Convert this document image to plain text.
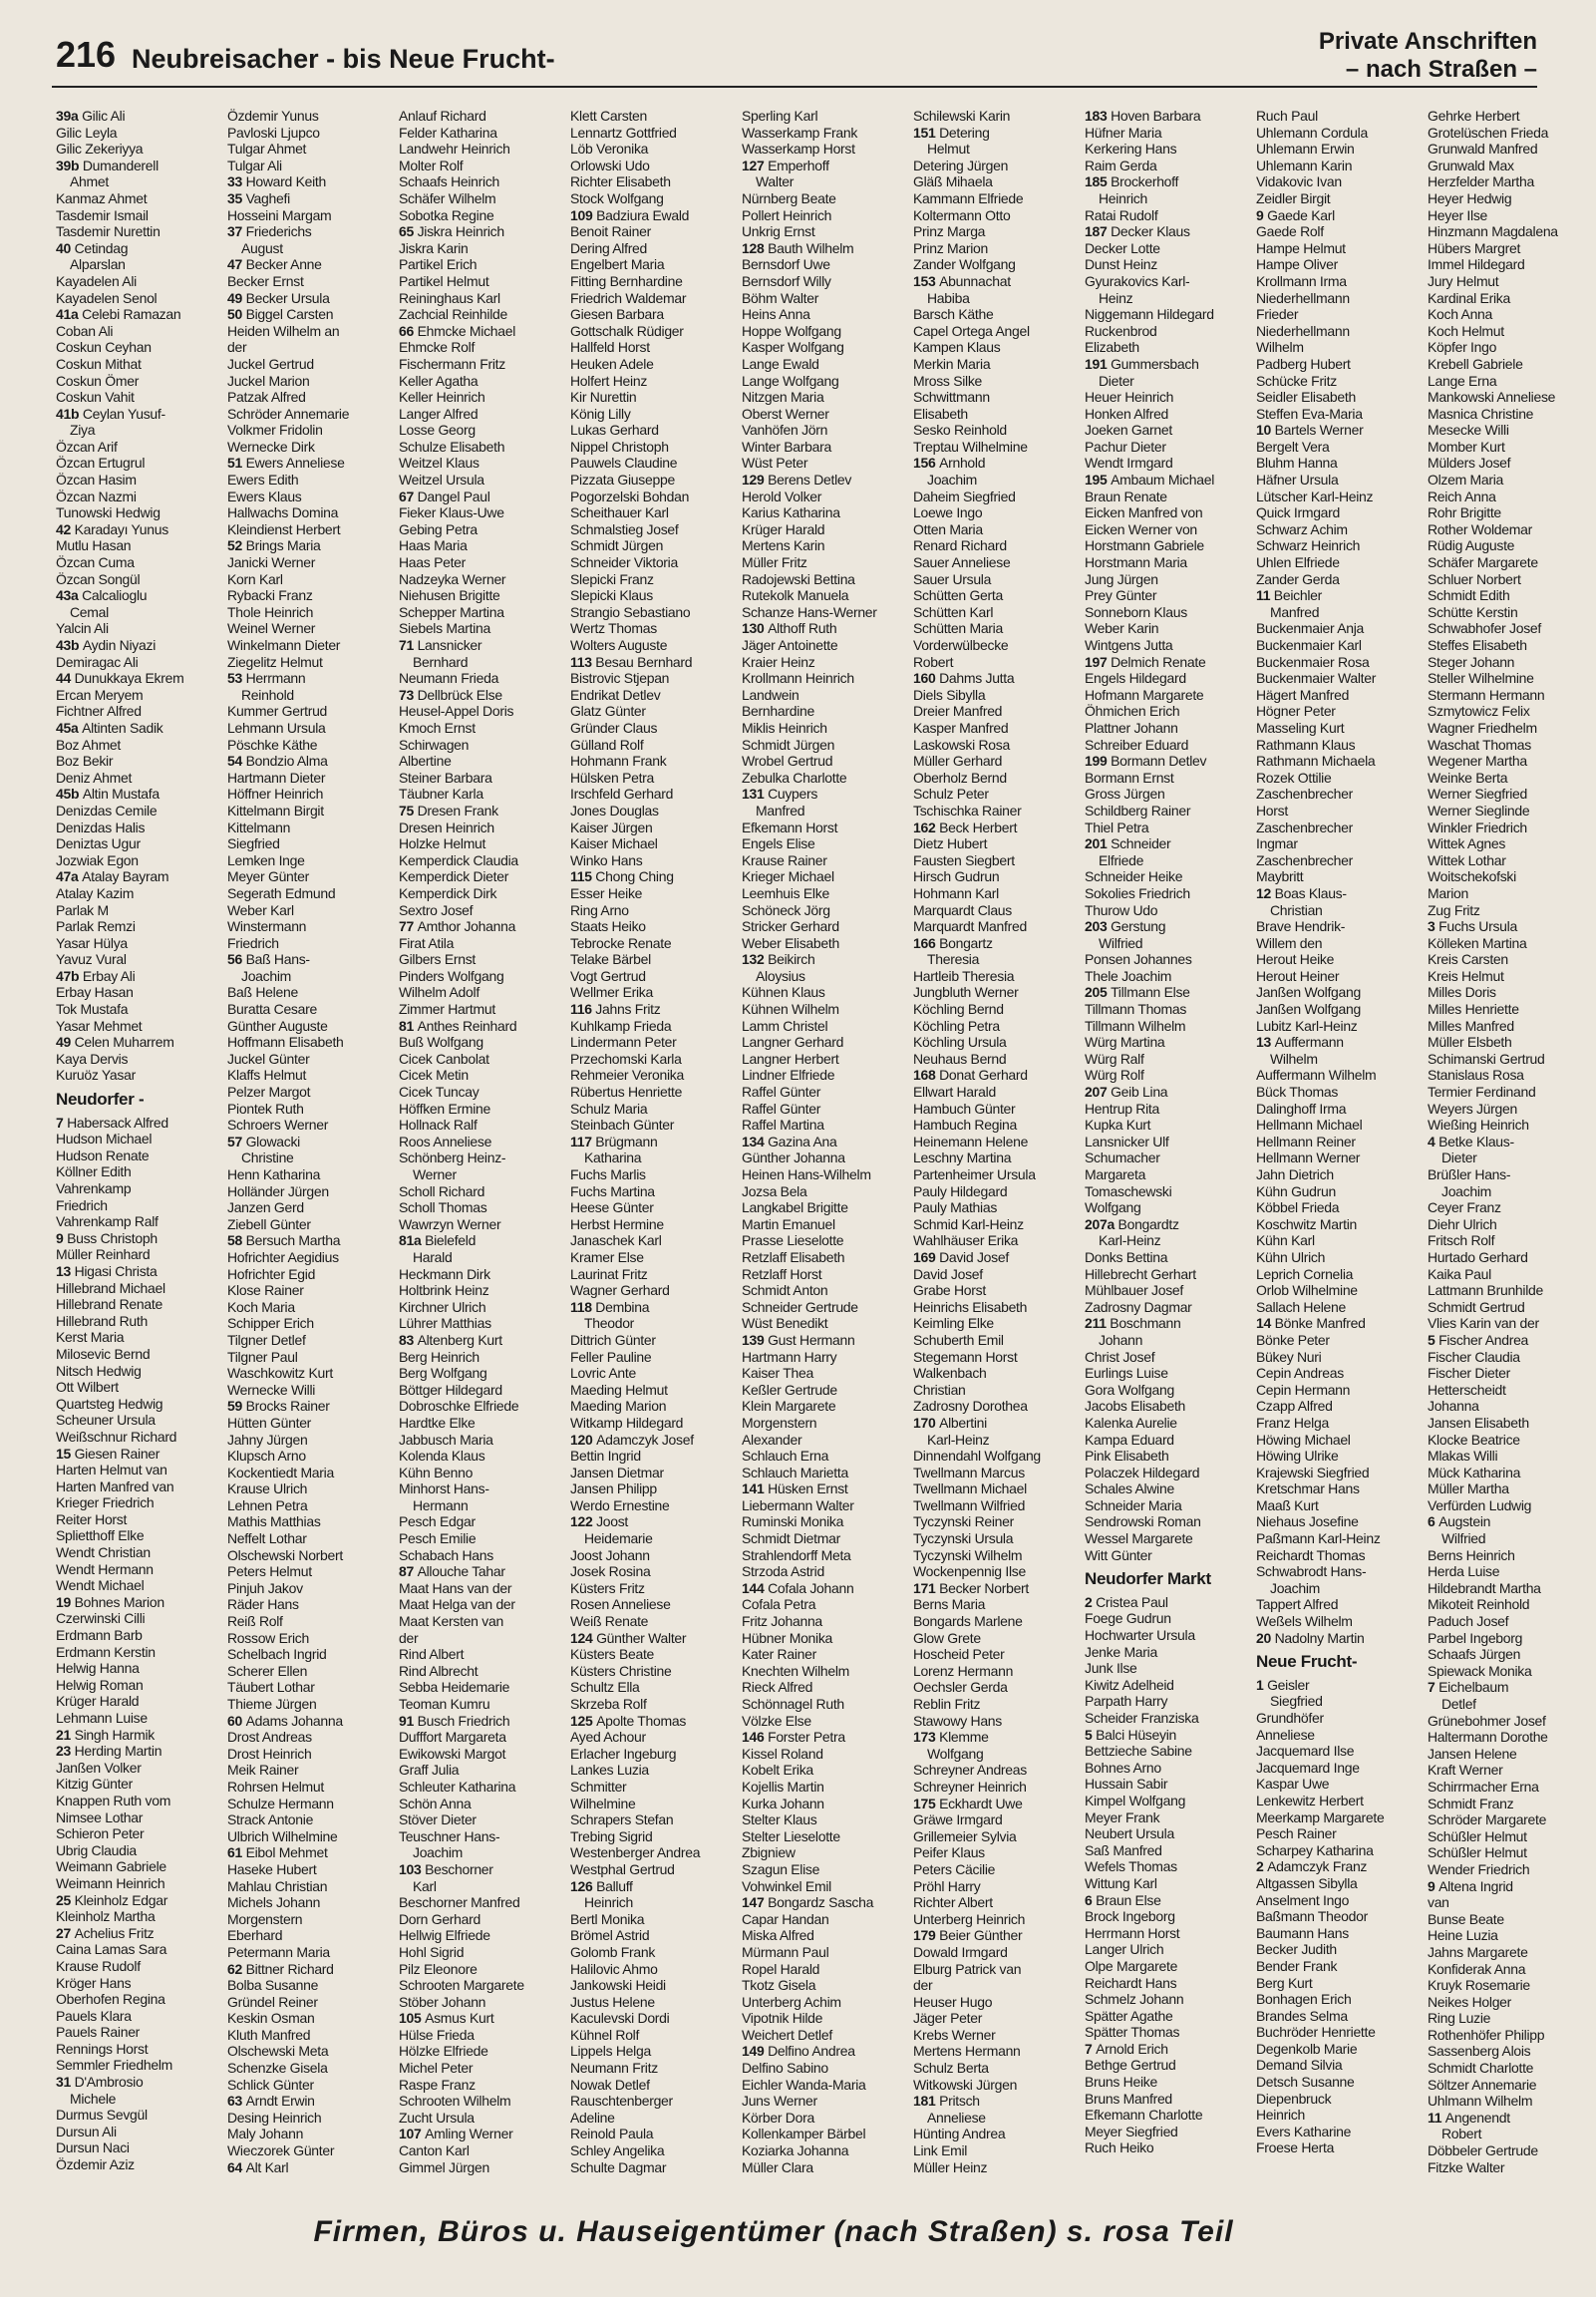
216 Neubreisacher - bis Neue Frucht-
Private Anschriften
– nach Straßen –
39a Gilic Ali
Gilic Leyla
Gilic Zekeriyya
39b Dumanderell
Ahmet
Kanmaz Ahmet
Tasdemir Ismail
Tasdemir Nurettin
40 Cetindag
Alparslan
Kayadelen Ali
Kayadelen Senol
41a Celebi Ramazan
Coban Ali
Coskun Ceyhan
Coskun Mithat
Coskun Ömer
Coskun Vahit
41b Ceylan Yusuf-
Ziya
Özcan Arif
Özcan Ertugrul
Özcan Hasim
Özcan Nazmi
Tunowski Hedwig
42 Karadayı Yunus
Mutlu Hasan
Özcan Cuma
Özcan Songül
43a Calcalioglu
Cemal
Yalcin Ali
43b Aydin Niyazi
Demiragac Ali
44 Dunukkaya Ekrem
Ercan Meryem
Fichtner Alfred
45a Altinten Sadik
Boz Ahmet
Boz Bekir
Deniz Ahmet
45b Altin Mustafa
Denizdas Cemile
Denizdas Halis
Deniztas Ugur
Jozwiak Egon
47a Atalay Bayram
Atalay Kazim
Parlak M
Parlak Remzi
Yasar Hülya
Yavuz Vural
47b Erbay Ali
Erbay Hasan
Tok Mustafa
Yasar Mehmet
49 Celen Muharrem
Kaya Dervis
Kuruöz Yasar
Neudorfer -
7 Habersack Alfred
Hudson Michael
Hudson Renate
Köllner Edith
Vahrenkamp
Friedrich
Vahrenkamp Ralf
9 Buss Christoph
Müller Reinhard
13 Higasi Christa
Hillebrand Michael
Hillebrand Renate
Hillebrand Ruth
Kerst Maria
Milosevic Bernd
Nitsch Hedwig
Ott Wilbert
Quartsteg Hedwig
Scheuner Ursula
Weißschnur Richard
15 Giesen Rainer
Harten Helmut van
Harten Manfred van
Krieger Friedrich
Reiter Horst
Splietthoff Elke
Wendt Christian
Wendt Hermann
Wendt Michael
19 Bohnes Marion
Czerwinski Cilli
Erdmann Barb
Erdmann Kerstin
Helwig Hanna
Helwig Roman
Krüger Harald
Lehmann Luise
21 Singh Harmik
23 Herding Martin
Janßen Volker
Kitzig Günter
Knappen Ruth vom
Nimsee Lothar
Schieron Peter
Ubrig Claudia
Weimann Gabriele
Weimann Heinrich
25 Kleinholz Edgar
Kleinholz Martha
27 Achelius Fritz
Caina Lamas Sara
Krause Rudolf
Kröger Hans
Oberhofen Regina
Pauels Klara
Pauels Rainer
Rennings Horst
Semmler Friedhelm
31 D'Ambrosio
Michele
Durmus Sevgül
Dursun Ali
Dursun Naci
Özdemir Aziz
Özdemir Yunus
Pavloski Ljupco
Tulgar Ahmet
Tulgar Ali
33 Howard Keith
35 Vaghefi
Hosseini Margam
37 Friederichs
August
47 Becker Anne
Becker Ernst
49 Becker Ursula
50 Biggel Carsten
Heiden Wilhelm an
der
Juckel Gertrud
Juckel Marion
Patzak Alfred
Schröder Annemarie
Volkmer Fridolin
Wernecke Dirk
51 Ewers Anneliese
Ewers Edith
Ewers Klaus
Hallwachs Domina
Kleindienst Herbert
52 Brings Maria
Janicki Werner
Korn Karl
Rybacki Franz
Thole Heinrich
Weinel Werner
Winkelmann Dieter
Ziegelitz Helmut
53 Herrmann
Reinhold
Kummer Gertrud
Lehmann Ursula
Pöschke Käthe
54 Bondzio Alma
Hartmann Dieter
Höffner Heinrich
Kittelmann Birgit
Kittelmann
Siegfried
Lemken Inge
Meyer Günter
Segerath Edmund
Weber Karl
Winstermann
Friedrich
56 Baß Hans-
Joachim
Baß Helene
Buratta Cesare
Günther Auguste
Hoffmann Elisabeth
Juckel Günter
Klaffs Helmut
Pelzer Margot
Piontek Ruth
Schroers Werner
57 Glowacki
Christine
Henn Katharina
Holländer Jürgen
Janzen Gerd
Ziebell Günter
58 Bersuch Martha
Hofrichter Aegidius
Hofrichter Egid
Klose Rainer
Koch Maria
Schipper Erich
Tilgner Detlef
Tilgner Paul
Waschkowitz Kurt
Wernecke Willi
59 Brocks Rainer
Hütten Günter
Jahny Jürgen
Klupsch Arno
Kockentiedt Maria
Krause Ulrich
Lehnen Petra
Mathis Matthias
Neffelt Lothar
Olschewski Norbert
Peters Helmut
Pinjuh Jakov
Räder Hans
Reiß Rolf
Rossow Erich
Schelbach Ingrid
Scherer Ellen
Täubert Lothar
Thieme Jürgen
60 Adams Johanna
Drost Andreas
Drost Heinrich
Meik Rainer
Rohrsen Helmut
Schulze Hermann
Strack Antonie
Ulbrich Wilhelmine
61 Eibol Mehmet
Haseke Hubert
Mahlau Christian
Michels Johann
Morgenstern
Eberhard
Petermann Maria
62 Bittner Richard
Bolba Susanne
Gründel Reiner
Keskin Osman
Kluth Manfred
Olschewski Meta
Schenzke Gisela
Schlick Günter
63 Arndt Erwin
Desing Heinrich
Maly Johann
Wieczorek Günter
64 Alt Karl
Anlauf Richard
Felder Katharina
Landwehr Heinrich
Molter Rolf
Schaafs Heinrich
Schäfer Wilhelm
Sobotka Regine
65 Jiskra Heinrich
Jiskra Karin
Partikel Erich
Partikel Helmut
Reininghaus Karl
Zachcial Reinhilde
66 Ehmcke Michael
Ehmcke Rolf
Fischermann Fritz
Keller Agatha
Keller Heinrich
Langer Alfred
Losse Georg
Schulze Elisabeth
Weitzel Klaus
Weitzel Ursula
67 Dangel Paul
Fieker Klaus-Uwe
Gebing Petra
Haas Maria
Haas Peter
Nadzeyka Werner
Niehusen Brigitte
Schepper Martina
Siebels Martina
71 Lansnicker
Bernhard
Neumann Frieda
73 Dellbrück Else
Heusel-Appel Doris
Kmoch Ernst
Schirwagen
Albertine
Steiner Barbara
Täubner Karla
75 Dresen Frank
Dresen Heinrich
Holzke Helmut
Kemperdick Claudia
Kemperdick Dieter
Kemperdick Dirk
Sextro Josef
77 Amthor Johanna
Firat Atila
Gilbers Ernst
Pinders Wolfgang
Wilhelm Adolf
Zimmer Hartmut
81 Anthes Reinhard
Buß Wolfgang
Cicek Canbolat
Cicek Metin
Cicek Tuncay
Höffken Ermine
Hollnack Ralf
Roos Anneliese
Schönberg Heinz-
Werner
Scholl Richard
Scholl Thomas
Wawrzyn Werner
81a Bielefeld
Harald
Heckmann Dirk
Holtbrink Heinz
Kirchner Ulrich
Lührer Matthias
83 Altenberg Kurt
Berg Heinrich
Berg Wolfgang
Böttger Hildegard
Dobroschke Elfriede
Hardtke Elke
Jabbusch Maria
Kolenda Klaus
Kühn Benno
Minhorst Hans-
Hermann
Pesch Edgar
Pesch Emilie
Schabach Hans
87 Allouche Tahar
Maat Hans van der
Maat Helga van der
Maat Kersten van
der
Rind Albert
Rind Albrecht
Sebba Heidemarie
Teoman Kumru
91 Busch Friedrich
Dufffort Margareta
Ewikowski Margot
Graff Julia
Schleuter Katharina
Schön Anna
Stöver Dieter
Teuschner Hans-
Joachim
103 Beschorner
Karl
Beschorner Manfred
Dorn Gerhard
Hellwig Elfriede
Hohl Sigrid
Pilz Eleonore
Schrooten Margarete
Stöber Johann
105 Asmus Kurt
Hülse Frieda
Hölzke Elfriede
Michel Peter
Raspe Franz
Schrooten Wilhelm
Zucht Ursula
107 Amling Werner
Canton Karl
Gimmel Jürgen
Klett Carsten
Lennartz Gottfried
Löb Veronika
Orlowski Udo
Richter Elisabeth
Stock Wolfgang
109 Badziura Ewald
Benoit Rainer
Dering Alfred
Engelbert Maria
Fitting Bernhardine
Friedrich Waldemar
Giesen Barbara
Gottschalk Rüdiger
Hallfeld Horst
Heuken Adele
Holfert Heinz
Kir Nurettin
König Lilly
Lukas Gerhard
Nippel Christoph
Pauwels Claudine
Pizzata Giuseppe
Pogorzelski Bohdan
Scheithauer Karl
Schmalstieg Josef
Schmidt Jürgen
Schneider Viktoria
Slepicki Franz
Slepicki Klaus
Strangio Sebastiano
Wertz Thomas
Wolters Auguste
113 Besau Bernhard
Bistrovic Stjepan
Endrikat Detlev
Glatz Günter
Gründer Claus
Gülland Rolf
Hohmann Frank
Hülsken Petra
Irschfeld Gerhard
Jones Douglas
Kaiser Jürgen
Kaiser Michael
Winko Hans
115 Chong Ching
Esser Heike
Ring Arno
Staats Heiko
Tebrocke Renate
Telake Bärbel
Vogt Gertrud
Wellmer Erika
116 Jahns Fritz
Kuhlkamp Frieda
Lindermann Peter
Przechomski Karla
Rehmeier Veronika
Rübertus Henriette
Schulz Maria
Steinbach Günter
117 Brügmann
Katharina
Fuchs Marlis
Fuchs Martina
Heese Günter
Herbst Hermine
Janaschek Karl
Kramer Else
Laurinat Fritz
Wagner Gerhard
118 Dembina
Theodor
Dittrich Günter
Feller Pauline
Lovric Ante
Maeding Helmut
Maeding Marion
Witkamp Hildegard
120 Adamczyk Josef
Bettin Ingrid
Jansen Dietmar
Jansen Philipp
Werdo Ernestine
122 Joost
Heidemarie
Joost Johann
Josek Rosina
Küsters Fritz
Rosen Anneliese
Weiß Renate
124 Günther Walter
Küsters Beate
Küsters Christine
Schultz Ella
Skrzeba Rolf
125 Apolte Thomas
Ayed Achour
Erlacher Ingeburg
Lankes Luzia
Schmitter
Wilhelmine
Schrapers Stefan
Trebing Sigrid
Westenberger Andrea
Westphal Gertrud
126 Balluff
Heinrich
Bertl Monika
Brömel Astrid
Golomb Frank
Halilovic Ahmo
Jankowski Heidi
Justus Helene
Kaculevski Dordi
Kühnel Rolf
Lippels Helga
Neumann Fritz
Nowak Detlef
Rauschtenberger
Adeline
Reinold Paula
Schley Angelika
Schulte Dagmar
Sperling Karl
Wasserkamp Frank
Wasserkamp Horst
127 Emperhoff
Walter
Nürnberg Beate
Pollert Heinrich
Unkrig Ernst
128 Bauth Wilhelm
Bernsdorf Uwe
Bernsdorf Willy
Böhm Walter
Heins Anna
Hoppe Wolfgang
Kasper Wolfgang
Lange Ewald
Lange Wolfgang
Nitzgen Maria
Oberst Werner
Vanhöfen Jörn
Winter Barbara
Wüst Peter
129 Berens Detlev
Herold Volker
Karius Katharina
Krüger Harald
Mertens Karin
Müller Fritz
Radojewski Bettina
Rutekolk Manuela
Schanze Hans-Werner
130 Althoff Ruth
Jäger Antoinette
Kraier Heinz
Krollmann Heinrich
Landwein
Bernhardine
Miklis Heinrich
Schmidt Jürgen
Wrobel Gertrud
Zebulka Charlotte
131 Cuypers
Manfred
Efkemann Horst
Engels Elise
Krause Rainer
Krieger Michael
Leemhuis Elke
Schöneck Jörg
Stricker Gerhard
Weber Elisabeth
132 Beikirch
Aloysius
Kühnen Klaus
Kühnen Wilhelm
Lamm Christel
Langner Gerhard
Langner Herbert
Lindner Elfriede
Raffel Günter
Raffel Günter
Raffel Martina
134 Gazina Ana
Günther Johanna
Heinen Hans-Wilhelm
Jozsa Bela
Langkabel Brigitte
Martin Emanuel
Prasse Lieselotte
Retzlaff Elisabeth
Retzlaff Horst
Schmidt Anton
Schneider Gertrude
Wüst Benedikt
139 Gust Hermann
Hartmann Harry
Kaiser Thea
Keßler Gertrude
Klein Margarete
Morgenstern
Alexander
Schlauch Erna
Schlauch Marietta
141 Hüsken Ernst
Liebermann Walter
Ruminski Monika
Schmidt Dietmar
Strahlendorff Meta
Strzoda Astrid
144 Cofala Johann
Cofala Petra
Fritz Johanna
Hübner Monika
Kater Rainer
Knechten Wilhelm
Rieck Alfred
Schönnagel Ruth
Völzke Else
146 Forster Petra
Kissel Roland
Kobelt Erika
Kojellis Martin
Kurka Johann
Stelter Klaus
Stelter Lieselotte
Zbigniew
Szagun Elise
Vohwinkel Emil
147 Bongardz Sascha
Capar Handan
Miska Alfred
Mürmann Paul
Ropel Harald
Tkotz Gisela
Unterberg Achim
Vipotnik Hilde
Weichert Detlef
149 Delfino Andrea
Delfino Sabino
Eichler Wanda-Maria
Juns Werner
Körber Dora
Kollenkamper Bärbel
Koziarka Johanna
Müller Clara
Schilewski Karin
151 Detering
Helmut
Detering Jürgen
Gläß Mihaela
Kammann Elfriede
Koltermann Otto
Prinz Marga
Prinz Marion
Zander Wolfgang
153 Abunnachat
Habiba
Barsch Käthe
Capel Ortega Angel
Kampen Klaus
Merkin Maria
Mross Silke
Schwittmann
Elisabeth
Sesko Reinhold
Treptau Wilhelmine
156 Arnhold
Joachim
Daheim Siegfried
Loewe Ingo
Otten Maria
Renard Richard
Sauer Anneliese
Sauer Ursula
Schütten Gerta
Schütten Karl
Schütten Maria
Vorderwülbecke
Robert
160 Dahms Jutta
Diels Sibylla
Dreier Manfred
Kasper Manfred
Laskowski Rosa
Müller Gerhard
Oberholz Bernd
Schulz Peter
Tschischka Rainer
162 Beck Herbert
Dietz Hubert
Fausten Siegbert
Hirsch Gudrun
Hohmann Karl
Marquardt Claus
Marquardt Manfred
166 Bongartz
Theresia
Hartleib Theresia
Jungbluth Werner
Köchling Bernd
Köchling Petra
Köchling Ursula
Neuhaus Bernd
168 Donat Gerhard
Ellwart Harald
Hambuch Günter
Hambuch Regina
Heinemann Helene
Leschny Martina
Partenheimer Ursula
Pauly Hildegard
Pauly Mathias
Schmid Karl-Heinz
Wahlhäuser Erika
169 David Josef
David Josef
Grabe Horst
Heinrichs Elisabeth
Keimling Elke
Schuberth Emil
Stegemann Horst
Walkenbach
Christian
Zadrosny Dorothea
170 Albertini
Karl-Heinz
Dinnendahl Wolfgang
Twellmann Marcus
Twellmann Michael
Twellmann Wilfried
Tyczynski Reiner
Tyczynski Ursula
Tyczynski Wilhelm
Wockenpennig Ilse
171 Becker Norbert
Berns Maria
Bongards Marlene
Glow Grete
Hoscheid Peter
Lorenz Hermann
Oechsler Gerda
Reblin Fritz
Stawowy Hans
173 Klemme
Wolfgang
Schreyner Andreas
Schreyner Heinrich
175 Eckhardt Uwe
Gräwe Irmgard
Grillemeier Sylvia
Peifer Klaus
Peters Cäcilie
Pröhl Harry
Richter Albert
Unterberg Heinrich
179 Beier Günther
Dowald Irmgard
Elburg Patrick van
der
Heuser Hugo
Jäger Peter
Krebs Werner
Mertens Hermann
Schulz Berta
Witkowski Jürgen
181 Pritsch
Anneliese
Hünting Andrea
Link Emil
Müller Heinz
183 Hoven Barbara
Hüfner Maria
Kerkering Hans
Raim Gerda
185 Brockerhoff
Heinrich
Ratai Rudolf
187 Decker Klaus
Decker Lotte
Dunst Heinz
Gyurakovics Karl-
Heinz
Niggemann Hildegard
Ruckenbrod
Elizabeth
191 Gummersbach
Dieter
Heuer Heinrich
Honken Alfred
Joeken Garnet
Pachur Dieter
Wendt Irmgard
195 Ambaum Michael
Braun Renate
Eicken Manfred von
Eicken Werner von
Horstmann Gabriele
Horstmann Maria
Jung Jürgen
Prey Günter
Sonneborn Klaus
Weber Karin
Wintgens Jutta
197 Delmich Renate
Engels Hildegard
Hofmann Margarete
Öhmichen Erich
Plattner Johann
Schreiber Eduard
199 Bormann Detlev
Bormann Ernst
Gross Jürgen
Schildberg Rainer
Thiel Petra
201 Schneider
Elfriede
Schneider Heike
Sokolies Friedrich
Thurow Udo
203 Gerstung
Wilfried
Ponsen Johannes
Thele Joachim
205 Tillmann Else
Tillmann Thomas
Tillmann Wilhelm
Würg Martina
Würg Ralf
Würg Rolf
207 Geib Lina
Hentrup Rita
Kupka Kurt
Lansnicker Ulf
Schumacher
Margareta
Tomaschewski
Wolfgang
207a Bongardtz
Karl-Heinz
Donks Bettina
Hillebrecht Gerhart
Mühlbauer Josef
Zadrosny Dagmar
211 Boschmann
Johann
Christ Josef
Eurlings Luise
Gora Wolfgang
Jacobs Elisabeth
Kalenka Aurelie
Kampa Eduard
Pink Elisabeth
Polaczek Hildegard
Schales Alwine
Schneider Maria
Sendrowski Roman
Wessel Margarete
Witt Günter
Neudorfer Markt
2 Cristea Paul
Foege Gudrun
Hochwarter Ursula
Jenke Maria
Junk Ilse
Kiwitz Adelheid
Parpath Harry
Scheider Franziska
5 Balci Hüseyin
Bettzieche Sabine
Bohnes Arno
Hussain Sabir
Kimpel Wolfgang
Meyer Frank
Neubert Ursula
Saß Manfred
Wefels Thomas
Wittung Karl
6 Braun Else
Brock Ingeborg
Herrmann Horst
Langer Ulrich
Olpe Margarete
Reichardt Hans
Schmelz Johann
Spätter Agathe
Spätter Thomas
7 Arnold Erich
Bethge Gertrud
Bruns Heike
Bruns Manfred
Efkemann Charlotte
Meyer Siegfried
Ruch Heiko
Ruch Paul
Uhlemann Cordula
Uhlemann Erwin
Uhlemann Karin
Vidakovic Ivan
Zeidler Birgit
9 Gaede Karl
Gaede Rolf
Hampe Helmut
Hampe Oliver
Krollmann Irma
Niederhellmann
Frieder
Niederhellmann
Wilhelm
Padberg Hubert
Schücke Fritz
Seidler Elisabeth
Steffen Eva-Maria
10 Bartels Werner
Bergelt Vera
Bluhm Hanna
Häfner Ursula
Lütscher Karl-Heinz
Quick Irmgard
Schwarz Achim
Schwarz Heinrich
Uhlen Elfriede
Zander Gerda
11 Beichler
Manfred
Buckenmaier Anja
Buckenmaier Karl
Buckenmaier Rosa
Buckenmaier Walter
Hägert Manfred
Högner Peter
Masseling Kurt
Rathmann Klaus
Rathmann Michaela
Rozek Ottilie
Zaschenbrecher
Horst
Zaschenbrecher
Ingmar
Zaschenbrecher
Maybritt
12 Boas Klaus-
Christian
Brave Hendrik-
Willem den
Herout Heike
Herout Heiner
Janßen Wolfgang
Janßen Wolfgang
Lubitz Karl-Heinz
13 Auffermann
Wilhelm
Auffermann Wilhelm
Bück Thomas
Dalinghoff Irma
Hellmann Michael
Hellmann Reiner
Hellmann Werner
Jahn Dietrich
Kühn Gudrun
Köbbel Frieda
Koschwitz Martin
Kühn Karl
Kühn Ulrich
Leprich Cornelia
Orlob Wilhelmine
Sallach Helene
14 Bönke Manfred
Bönke Peter
Bükey Nuri
Cepin Andreas
Cepin Hermann
Czapp Alfred
Franz Helga
Höwing Michael
Höwing Ulrike
Krajewski Siegfried
Kretschmar Hans
Maaß Kurt
Niehaus Josefine
Paßmann Karl-Heinz
Reichardt Thomas
Schwabrodt Hans-
Joachim
Tappert Alfred
Weßels Wilhelm
20 Nadolny Martin
Neue Frucht-
1 Geisler
Siegfried
Grundhöfer
Anneliese
Jacquemard Ilse
Jacquemard Inge
Kaspar Uwe
Lenkewitz Herbert
Meerkamp Margarete
Pesch Rainer
Scharpey Katharina
2 Adamczyk Franz
Altgassen Sibylla
Anselment Ingo
Baßmann Theodor
Baumann Hans
Becker Judith
Bender Frank
Berg Kurt
Bonhagen Erich
Brandes Selma
Buchröder Henriette
Degenkolb Marie
Demand Silvia
Detsch Susanne
Diepenbruck
Heinrich
Evers Katharine
Froese Herta
Gehrke Herbert
Grotelüschen Frieda
Grunwald Manfred
Grunwald Max
Herzfelder Martha
Heyer Hedwig
Heyer Ilse
Hinzmann Magdalena
Hübers Margret
Immel Hildegard
Jury Helmut
Kardinal Erika
Koch Anna
Koch Helmut
Köpfer Ingo
Krebell Gabriele
Lange Erna
Mankowski Anneliese
Masnica Christine
Mesecke Willi
Momber Kurt
Mülders Josef
Olzem Maria
Reich Anna
Rohr Brigitte
Rother Woldemar
Rüdig Auguste
Schäfer Margarete
Schluer Norbert
Schmidt Edith
Schütte Kerstin
Schwabhofer Josef
Steffes Elisabeth
Steger Johann
Steller Wilhelmine
Stermann Hermann
Szmytowicz Felix
Wagner Friedhelm
Waschat Thomas
Wegener Martha
Weinke Berta
Werner Siegfried
Werner Sieglinde
Winkler Friedrich
Wittek Agnes
Wittek Lothar
Woitschekofski
Marion
Zug Fritz
3 Fuchs Ursula
Kölleken Martina
Kreis Carsten
Kreis Helmut
Milles Doris
Milles Henriette
Milles Manfred
Müller Elsbeth
Schimanski Gertrud
Stanislaus Rosa
Termier Ferdinand
Weyers Jürgen
Wießing Heinrich
4 Betke Klaus-
Dieter
Brüßler Hans-
Joachim
Ceyer Franz
Diehr Ulrich
Fritsch Rolf
Hurtado Gerhard
Kaika Paul
Lattmann Brunhilde
Schmidt Gertrud
Vlies Karin van der
5 Fischer Andrea
Fischer Claudia
Fischer Dieter
Hetterscheidt
Johanna
Jansen Elisabeth
Klocke Beatrice
Mlakas Willi
Mück Katharina
Müller Martha
Verfürden Ludwig
6 Augstein
Wilfried
Berns Heinrich
Herda Luise
Hildebrandt Martha
Mikoteit Reinhold
Paduch Josef
Parbel Ingeborg
Schaafs Jürgen
Spiewack Monika
7 Eichelbaum
Detlef
Grünebohmer Josef
Haltermann Dorothe
Jansen Helene
Kraft Werner
Schirrmacher Erna
Schmidt Franz
Schröder Margarete
Schüßler Helmut
Schüßler Helmut
Wender Friedrich
9 Altena Ingrid
van
Bunse Beate
Heine Luzia
Jahns Margarete
Konfiderak Anna
Kruyk Rosemarie
Neikes Holger
Ring Luzie
Rothenhöfer Philipp
Sassenberg Alois
Schmidt Charlotte
Söltzer Annemarie
Uhlmann Wilhelm
11 Angenendt
Robert
Döbbeler Gertrude
Fitzke Walter
Firmen, Büros u. Hauseigentümer (nach Straßen) s. rosa Teil
